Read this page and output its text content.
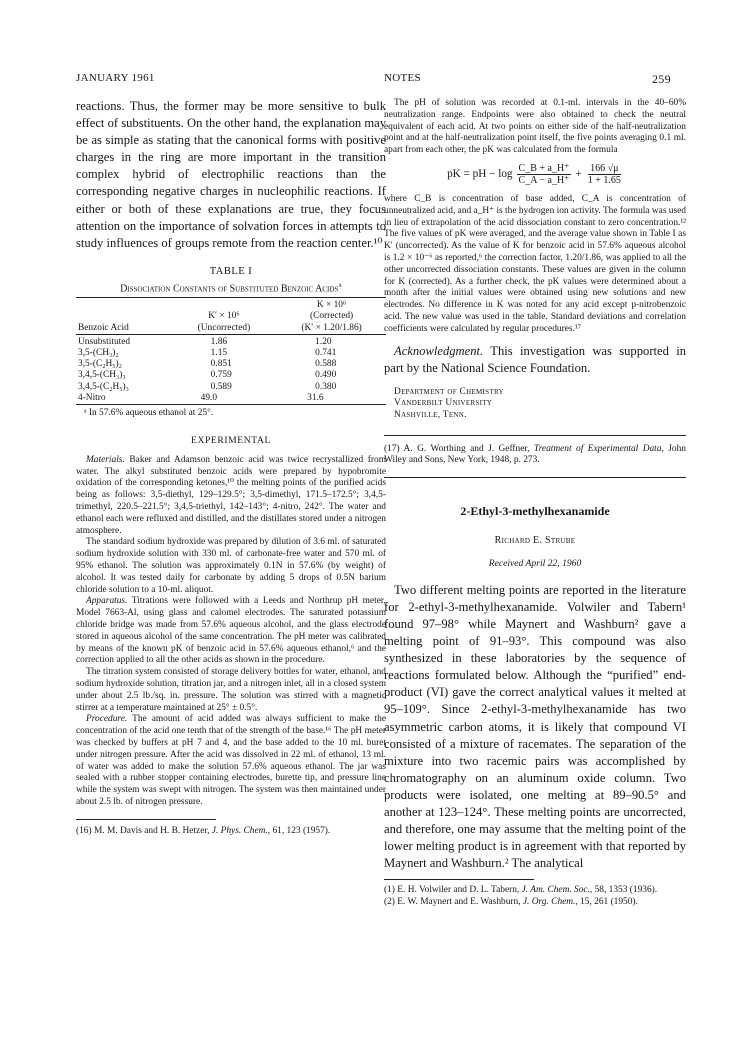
JANUARY 1961	NOTES	259

reactions. Thus, the former may be more sensitive to bulk effect of substituents. On the other hand, the explanation may be as simple as stating that the canonical forms with positive charges in the ring are more important in the transition complex hybrid of electrophilic reactions than the corresponding negative charges in nucleophilic reactions. If either or both of these explanations are true, they focus attention on the importance of solvation forces in attempts to study influences of groups remote from the reaction center.¹⁰

TABLE I
Dissociation Constants of Substituted Benzoic Acids$^a$

		K × 10⁶
	K′ × 10⁶	(Corrected)
Benzoic Acid	(Uncorrected)	(K′ × 1.20/1.86)

Unsubstituted	1.86	1.20
3,5-(CH₃)₂	1.15	0.741
3,5-(C₂H₅)₂	0.851	0.588
3,4,5-(CH₃)₃	0.759	0.490
3,4,5-(C₂H₅)₃	0.589	0.380
4-Nitro	49.0	31.6

ᵃ In 57.6% aqueous ethanol at 25°.
EXPERIMENTAL

Materials. Baker and Adamson benzoic acid was twice recrystallized from water. The alkyl substituted benzoic acids were prepared by hypobromite oxidation of the corresponding ketones,¹⁰ the melting points of the purified acids being as follows: 3,5-diethyl, 129–129.5°; 3,5-dimethyl, 171.5–172.5°; 3,4,5-trimethyl, 220.5–221.5°; 3,4,5-triethyl, 142–143°; 4-nitro, 242°. The water and ethanol each were refluxed and distilled, and the distillates stored under a nitrogen atmosphere.

The standard sodium hydroxide was prepared by dilution of 3.6 ml. of saturated sodium hydroxide solution with 330 ml. of carbonate-free water and 570 ml. of 95% ethanol. The solution was approximately 0.1N in 57.6% (by weight) of alcohol. It was tested daily for carbonate by adding 5 drops of 0.5N barium chloride solution to a 10-ml. aliquot.

Apparatus. Titrations were followed with a Leeds and Northrup pH meter, Model 7663-Al, using glass and calomel electrodes. The saturated potassium chloride bridge was made from 57.6% aqueous alcohol, and the glass electrode stored in aqueous alcohol of the same concentration. The pH meter was calibrated by means of the known pK of benzoic acid in 57.6% aqueous ethanol,⁶ and the correction applied to all the other acids as shown in the procedure.

The titration system consisted of storage delivery bottles for water, ethanol, and sodium hydroxide solution, titration jar, and a nitrogen inlet, all in a closed system under about 2.5 lb./sq. in. pressure. The solution was stirred with a magnetic stirrer at a temperature maintained at 25° ± 0.5°.

Procedure. The amount of acid added was always sufficient to make the concentration of the acid one tenth that of the strength of the base.¹⁶ The pH meter was checked by buffers at pH 7 and 4, and the base added to the 10 ml. buret under nitrogen pressure. After the acid was dissolved in 22 ml. of ethanol, 13 ml. of water was added to make the solution 57.6% aqueous ethanol. The jar was sealed with a rubber stopper containing electrodes, burette tip, and pressure line while the system was swept with nitrogen. The system was then maintained under about 2.5 lb. of nitrogen pressure.

(16) M. M. Davis and H. B. Hetzer, J. Phys. Chem., 61, 123 (1957).

The pH of solution was recorded at 0.1-ml. intervals in the 40–60% neutralization range. Endpoints were also obtained to check the neutral equivalent of each acid. At two points on either side of the half-neutralization point and at the half-neutralization point itself, the five points averaging 0.1 ml. apart from each other, the pK was calculated from the formula

pK = pH − $\log \frac{C\_B + a\_H^+}{C\_A - a\_H^+} + \frac{166 √\mu}{1 + 1.65}$

where C_B is concentration of base added, C_A is concentration of unneutralized acid, and a_H⁺ is the hydrogen ion activity. The formula was used in lieu of extrapolation of the acid dissociation constant to zero concentration.¹² The five values of pK were averaged, and the average value shown in Table I as K′ (uncorrected). As the value of K for benzoic acid in 57.6% aqueous alcohol is 1.2 × 10⁻⁶ as reported,⁶ the correction factor, 1.20/1.86, was applied to all the other uncorrected dissociation constants. These values are given in the column for K (corrected). As a further check, the pK values were determined about a month after the initial values were obtained using new solutions and new electrodes. No difference in K was noted for any acid except p-nitrobenzoic acid. The new value was used in the table. Standard deviations and correlation coefficients were calculated by regular procedures.¹⁷

Acknowledgment. This investigation was supported in part by the National Science Foundation.

Department of Chemistry
Vanderbilt University
Nashville, Tenn.

(17) A. G. Worthing and J. Geffner, Treatment of Experimental Data, John Wiley and Sons, New York, 1948, p. 273.

2-Ethyl-3-methylhexanamide
Richard E. Strube
Received April 22, 1960

Two different melting points are reported in the literature for 2-ethyl-3-methylhexanamide. Volwiler and Tabern¹ found 97–98° while Maynert and Washburn² gave a melting point of 91–93°. This compound was also synthesized in these laboratories by the sequence of reactions formulated below. Although the “purified” end-product (VI) gave the correct analytical values it melted at 95–109°. Since 2-ethyl-3-methylhexanamide has two asymmetric carbon atoms, it is likely that compound VI consisted of a mixture of racemates. The separation of the mixture into two racemic pairs was accomplished by chromatography on an aluminum oxide column. Two products were isolated, one melting at 89–90.5° and another at 123–124°. These melting points are uncorrected, and therefore, one may assume that the melting point of the lower melting product is in agreement with that reported by Maynert and Washburn.² The analytical

(1) E. H. Volwiler and D. L. Tabern, J. Am. Chem. Soc., 58, 1353 (1936).

(2) E. W. Maynert and E. Washburn, J. Org. Chem., 15, 261 (1950).
